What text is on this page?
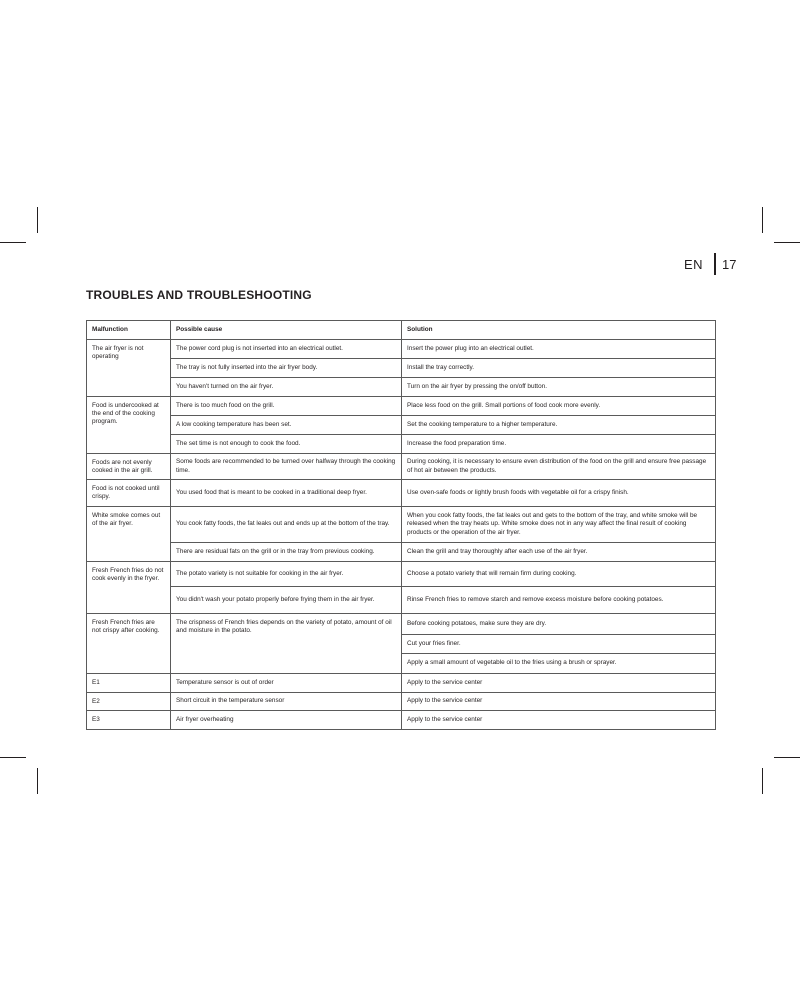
EN 17
TROUBLES AND TROUBLESHOOTING
Malfunction	Possible cause	Solution
The air fryer is not operating	The power cord plug is not inserted into an electrical outlet.	Insert the power plug into an electrical outlet.
	The tray is not fully inserted into the air fryer body.	Install the tray correctly.
	You haven't turned on the air fryer.	Turn on the air fryer by pressing the on/off button.
Food is undercooked at the end of the cooking program.	There is too much food on the grill.	Place less food on the grill. Small portions of food cook more evenly.
	A low cooking temperature has been set.	Set the cooking temperature to a higher temperature.
	The set time is not enough to cook the food.	Increase the food preparation time.
Foods are not evenly cooked in the air grill.	Some foods are recommended to be turned over halfway through the cooking time.	During cooking, it is necessary to ensure even distribution of the food on the grill and ensure free passage of hot air between the products.
Food is not cooked until crispy.	You used food that is meant to be cooked in a traditional deep fryer.	Use oven-safe foods or lightly brush foods with vegetable oil for a crispy finish.
White smoke comes out of the air fryer.	You cook fatty foods, the fat leaks out and ends up at the bottom of the tray.	When you cook fatty foods, the fat leaks out and gets to the bottom of the tray, and white smoke will be released when the tray heats up. White smoke does not in any way affect the final result of cooking products or the operation of the air fryer.
	There are residual fats on the grill or in the tray from previous cooking.	Clean the grill and tray thoroughly after each use of the air fryer.
Fresh French fries do not cook evenly in the fryer.	The potato variety is not suitable for cooking in the air fryer.	Choose a potato variety that will remain firm during cooking.
	You didn't wash your potato properly before frying them in the air fryer.	Rinse French fries to remove starch and remove excess moisture before cooking potatoes.
Fresh French fries are not crispy after cooking.	The crispness of French fries depends on the variety of potato, amount of oil and moisture in the potato.	Before cooking potatoes, make sure they are dry.
		Cut your fries finer.
		Apply a small amount of vegetable oil to the fries using a brush or sprayer.
E1	Temperature sensor is out of order	Apply to the service center
E2	Short circuit in the temperature sensor	Apply to the service center
E3	Air fryer overheating	Apply to the service center
